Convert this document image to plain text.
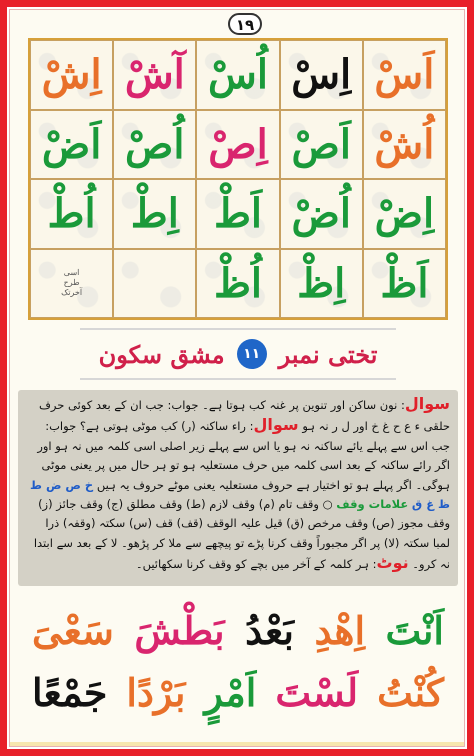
١٩
اِشْ آشْ اُسْ اِسْ اَسْ
اَضْ اُصْ اِصْ اَصْ اُشْ
اُطْ اِطْ اَطْ اُضْ اِضْ
اسی
طرح
آخرتک	اُظْ اِظْ اَظْ
تختی نمبر
١١
مشق سکون
سوال: نون ساکن اور تنوین پر غنہ کب ہوتا ہے۔ جواب: جب ان کے بعد کوئی حرف حلقی ء ع ح غ خ اور ل ر نہ ہو سوال: راء ساکنہ (ر) کب موٹی ہوتی ہے؟ جواب: جب اس سے پہلے یائے ساکنہ نہ ہو یا اس سے پہلے زیر اصلی اسی کلمہ میں نہ ہو اور اگر رائے ساکنہ کے بعد اسی کلمہ میں حرف مستعلیہ ہو تو ہر حال میں پر یعنی موٹی ہوگی۔ اگر پہلے ہو تو اختیار ہے حروف مستعلیہ یعنی موٹے حروف یہ ہیں خ ص ض ط ظ غ ق علامات وقف ○ وقف تام (م) وقف لازم (ط) وقف مطلق (ج) وقف جائز (ز) وقف مجوز (ص) وقف مرخص (ق) قیل علیہ الوقف (قف) قف (س) سکتہ (وقفہ) ذرا لمبا سکتہ (لا) پر اگر مجبوراً وقف کرنا پڑے تو پیچھے سے ملا کر پڑھو۔ لا کے بعد سے ابتدا نہ کرو۔ نوٹ: ہر کلمہ کے آخر میں بچے کو وقف کرنا سکھائیں۔
اَنْتَ
اِهْدِ
بَعْدُ
بَطْشَ
سَعْیَ
كُنْتُ
لَسْتَ
اَمْرٍ
بَرْدًا
جَمْعًا
